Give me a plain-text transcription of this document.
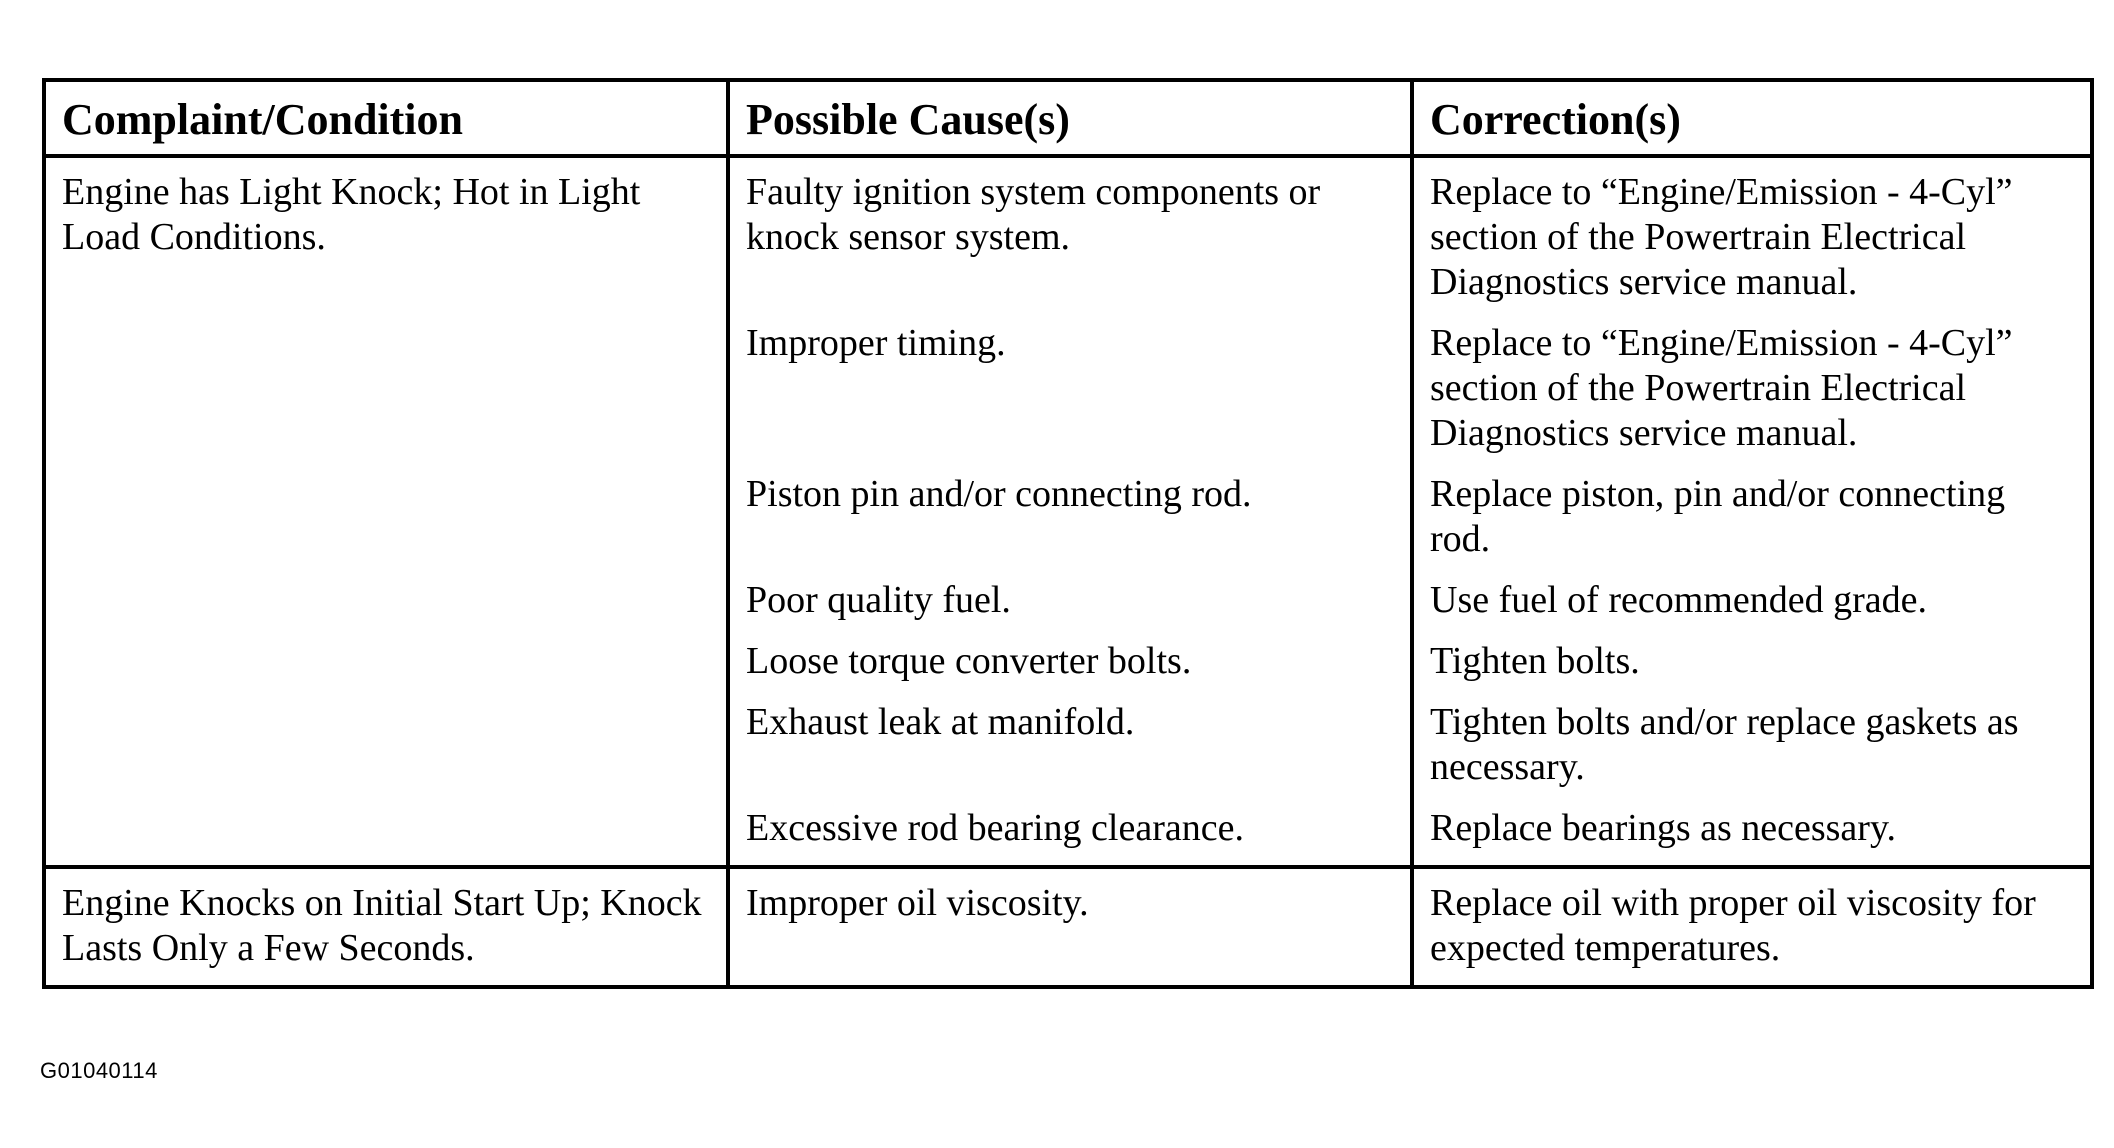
Complaint/Condition	Possible Cause(s)	Correction(s)
Engine has Light Knock; Hot in Light Load Conditions.	Faulty ignition system components or knock sensor system.	Replace to “Engine/Emission - 4-Cyl” section of the Powertrain Electrical Diagnostics service manual.
	Improper timing.	Replace to “Engine/Emission - 4-Cyl” section of the Powertrain Electrical Diagnostics service manual.
	Piston pin and/or connecting rod.	Replace piston, pin and/or connecting rod.
	Poor quality fuel.	Use fuel of recommended grade.
	Loose torque converter bolts.	Tighten bolts.
	Exhaust leak at manifold.	Tighten bolts and/or replace gaskets as necessary.
	Excessive rod bearing clearance.	Replace bearings as necessary.
Engine Knocks on Initial Start Up; Knock Lasts Only a Few Seconds.	Improper oil viscosity.	Replace oil with proper oil viscosity for expected temperatures.
G01040114
